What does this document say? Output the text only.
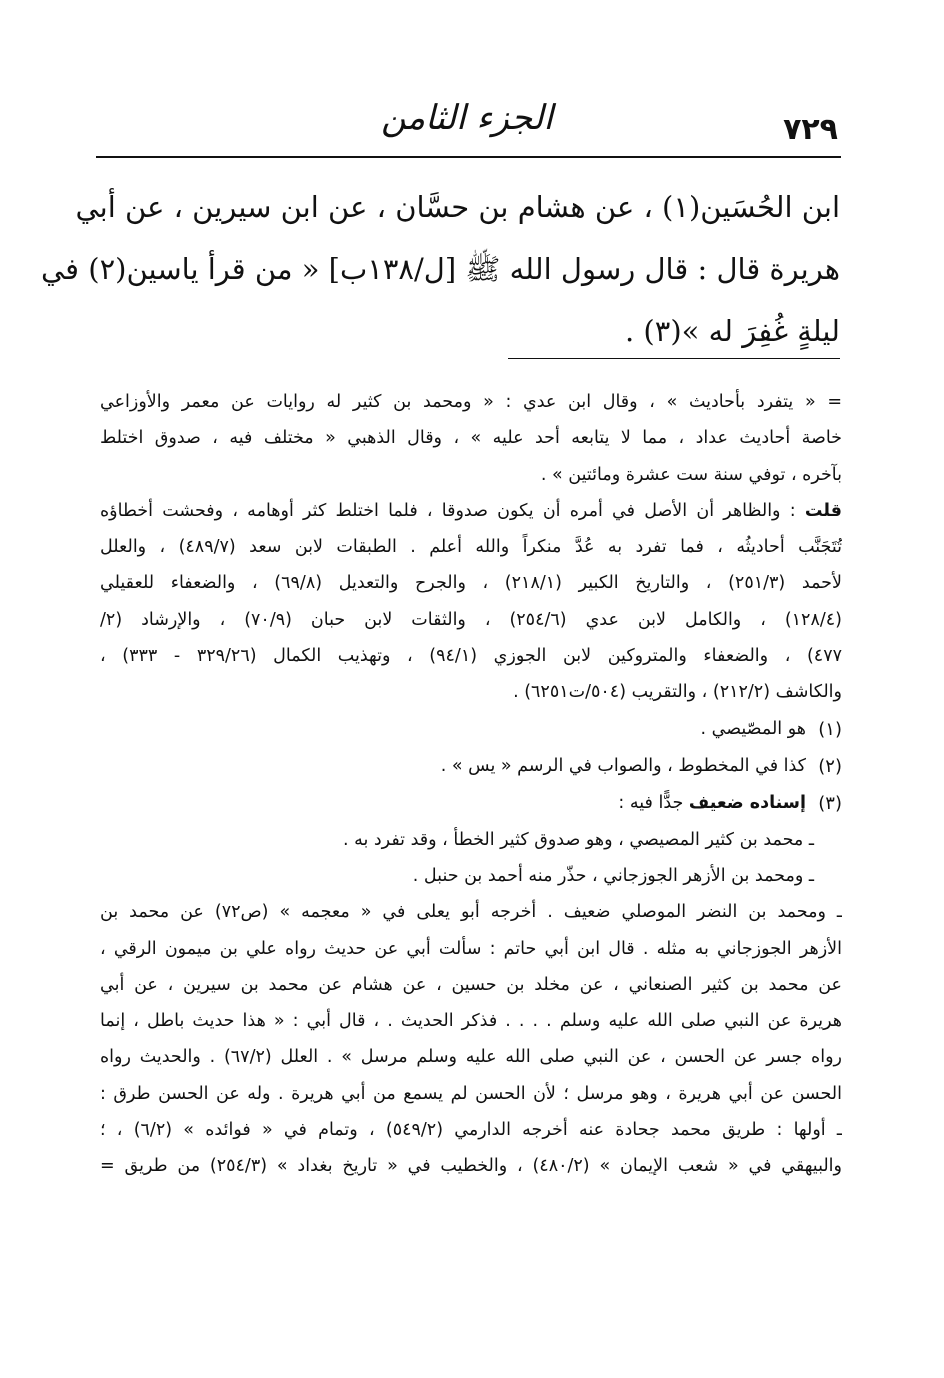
الجزء الثامن	٧٢٩
ابن الحُسَين(١) ، عن هشام بن حسَّان ، عن ابن سيرين ، عن أبي
هريرة قال : قال رسول الله ﷺ [ل/١٣٨ب] « من قرأ ياسين(٢) في
ليلةٍ غُفِرَ له »(٣) .
= « يتفرد بأحاديث » ، وقال ابن عدي : « ومحمد بن كثير له روايات عن معمر والأوزاعي
خاصة أحاديث عداد ، مما لا يتابعه أحد عليه » ، وقال الذهبي « مختلف فيه ، صدوق اختلط
بآخره ، توفي سنة ست عشرة ومائتين » .
قلت : والظاهر أن الأصل في أمره أن يكون صدوقا ، فلما اختلط كثر أوهامه ، وفحشت أخطاؤه
تُتَجَنَّب أحاديثُه ، فما تفرد به عُدَّ منكراً والله أعلم . الطبقات لابن سعد (٤٨٩/٧) ، والعلل
لأحمد (٢٥١/٣) ، والتاريخ الكبير (٢١٨/١) ، والجرح والتعديل (٦٩/٨) ، والضعفاء للعقيلي
(١٢٨/٤) ، والكامل لابن عدي (٢٥٤/٦) ، والثقات لابن حبان (٧٠/٩) ، والإرشاد (٢/
٤٧٧) ، والضعفاء والمتروكين لابن الجوزي (٩٤/١) ، وتهذيب الكمال (٣٢٩/٢٦ - ٣٣٣) ،
والكاشف (٢١٢/٢) ، والتقريب (٥٠٤/ت٦٢٥١) .
(١)
هو المصّيصي .
(٢)
كذا في المخطوط ، والصواب في الرسم « يس » .
(٣)
إسناده ضعيف جدًّا فيه :
ـ محمد بن كثير المصيصي ، وهو صدوق كثير الخطأ ، وقد تفرد به .
ـ ومحمد بن الأزهر الجوزجاني ، حذّر منه أحمد بن حنبل .
ـ ومحمد بن النضر الموصلي ضعيف . أخرجه أبو يعلى في « معجمه » (ص٧٢) عن محمد بن
الأزهر الجوزجاني به مثله . قال ابن أبي حاتم : سألت أبي عن حديث رواه علي بن ميمون الرقي ،
عن محمد بن كثير الصنعاني ، عن مخلد بن حسين ، عن هشام عن محمد بن سيرين ، عن أبي
هريرة عن النبي صلى الله عليه وسلم . . . . فذكر الحديث . ، قال أبي : « هذا حديث باطل ، إنما
رواه جسر عن الحسن ، عن النبي صلى الله عليه وسلم مرسل » . العلل (٦٧/٢) . والحديث رواه
الحسن عن أبي هريرة ، وهو مرسل ؛ لأن الحسن لم يسمع من أبي هريرة . وله عن الحسن طرق :
ـ أولها : طريق محمد جحادة عنه أخرجه الدارمي (٥٤٩/٢) ، وتمام في « فوائده » (٦/٢) ، ؛
والبيهقي في « شعب الإيمان » (٤٨٠/٢) ، والخطيب في « تاريخ بغداد » (٢٥٤/٣) من طريق =
